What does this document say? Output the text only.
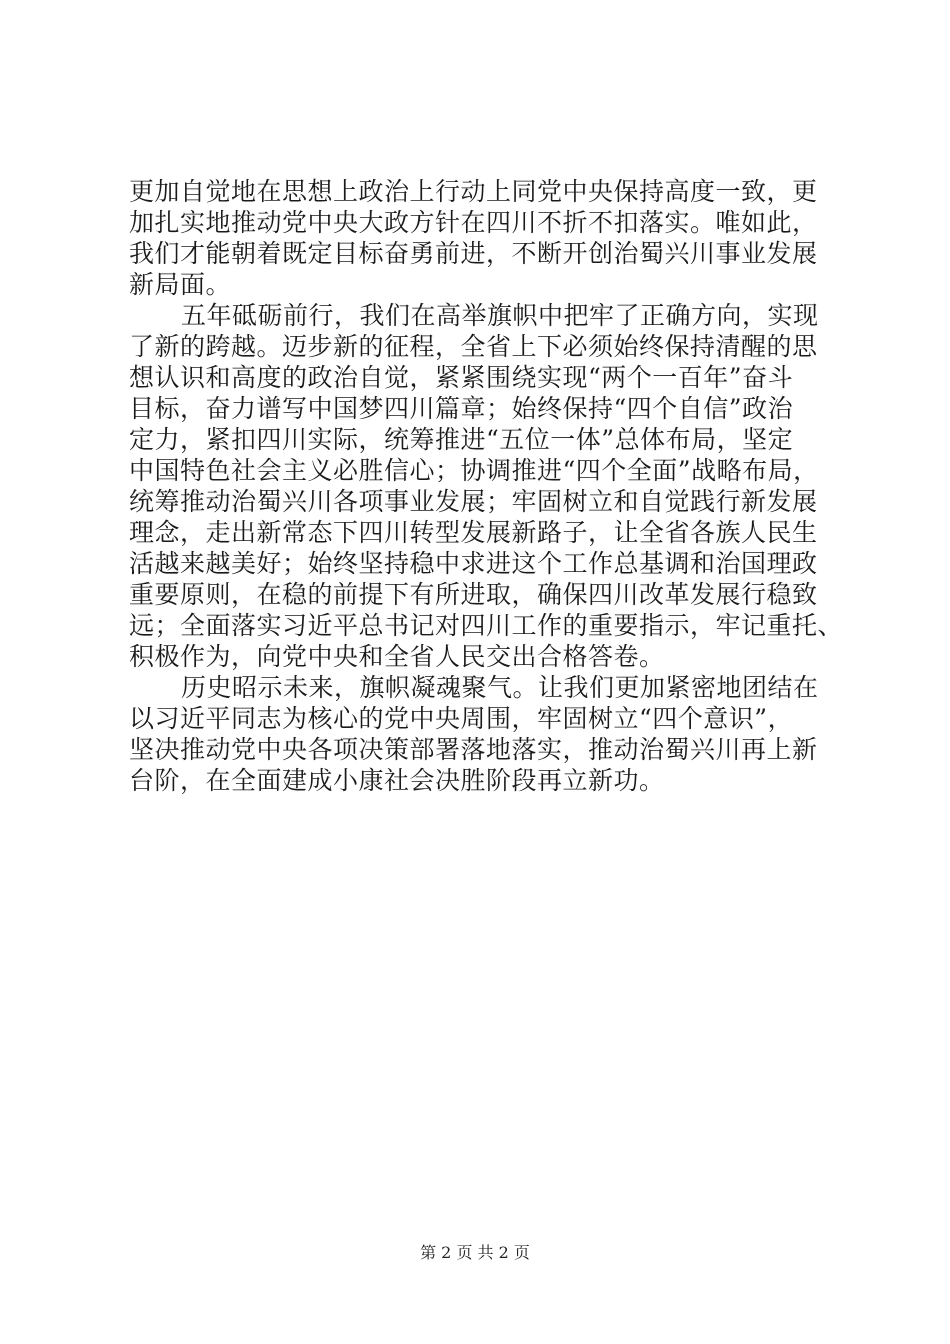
更加自觉地在思想上政治上行动上同党中央保持高度一致，更
加扎实地推动党中央大政方针在四川不折不扣落实。唯如此，
我们才能朝着既定目标奋勇前进，不断开创治蜀兴川事业发展
新局面。
五年砥砺前行，我们在高举旗帜中把牢了正确方向，实现
了新的跨越。迈步新的征程，全省上下必须始终保持清醒的思
想认识和高度的政治自觉，紧紧围绕实现“两个一百年”奋斗
目标，奋力谱写中国梦四川篇章；始终保持“四个自信”政治
定力，紧扣四川实际，统筹推进“五位一体”总体布局，坚定
中国特色社会主义必胜信心；协调推进“四个全面”战略布局，
统筹推动治蜀兴川各项事业发展；牢固树立和自觉践行新发展
理念，走出新常态下四川转型发展新路子，让全省各族人民生
活越来越美好；始终坚持稳中求进这个工作总基调和治国理政
重要原则，在稳的前提下有所进取，确保四川改革发展行稳致
远；全面落实习近平总书记对四川工作的重要指示，牢记重托、
积极作为，向党中央和全省人民交出合格答卷。
历史昭示未来，旗帜凝魂聚气。让我们更加紧密地团结在
以习近平同志为核心的党中央周围，牢固树立“四个意识”，
坚决推动党中央各项决策部署落地落实，推动治蜀兴川再上新
台阶，在全面建成小康社会决胜阶段再立新功。
第 2 页 共 2 页
